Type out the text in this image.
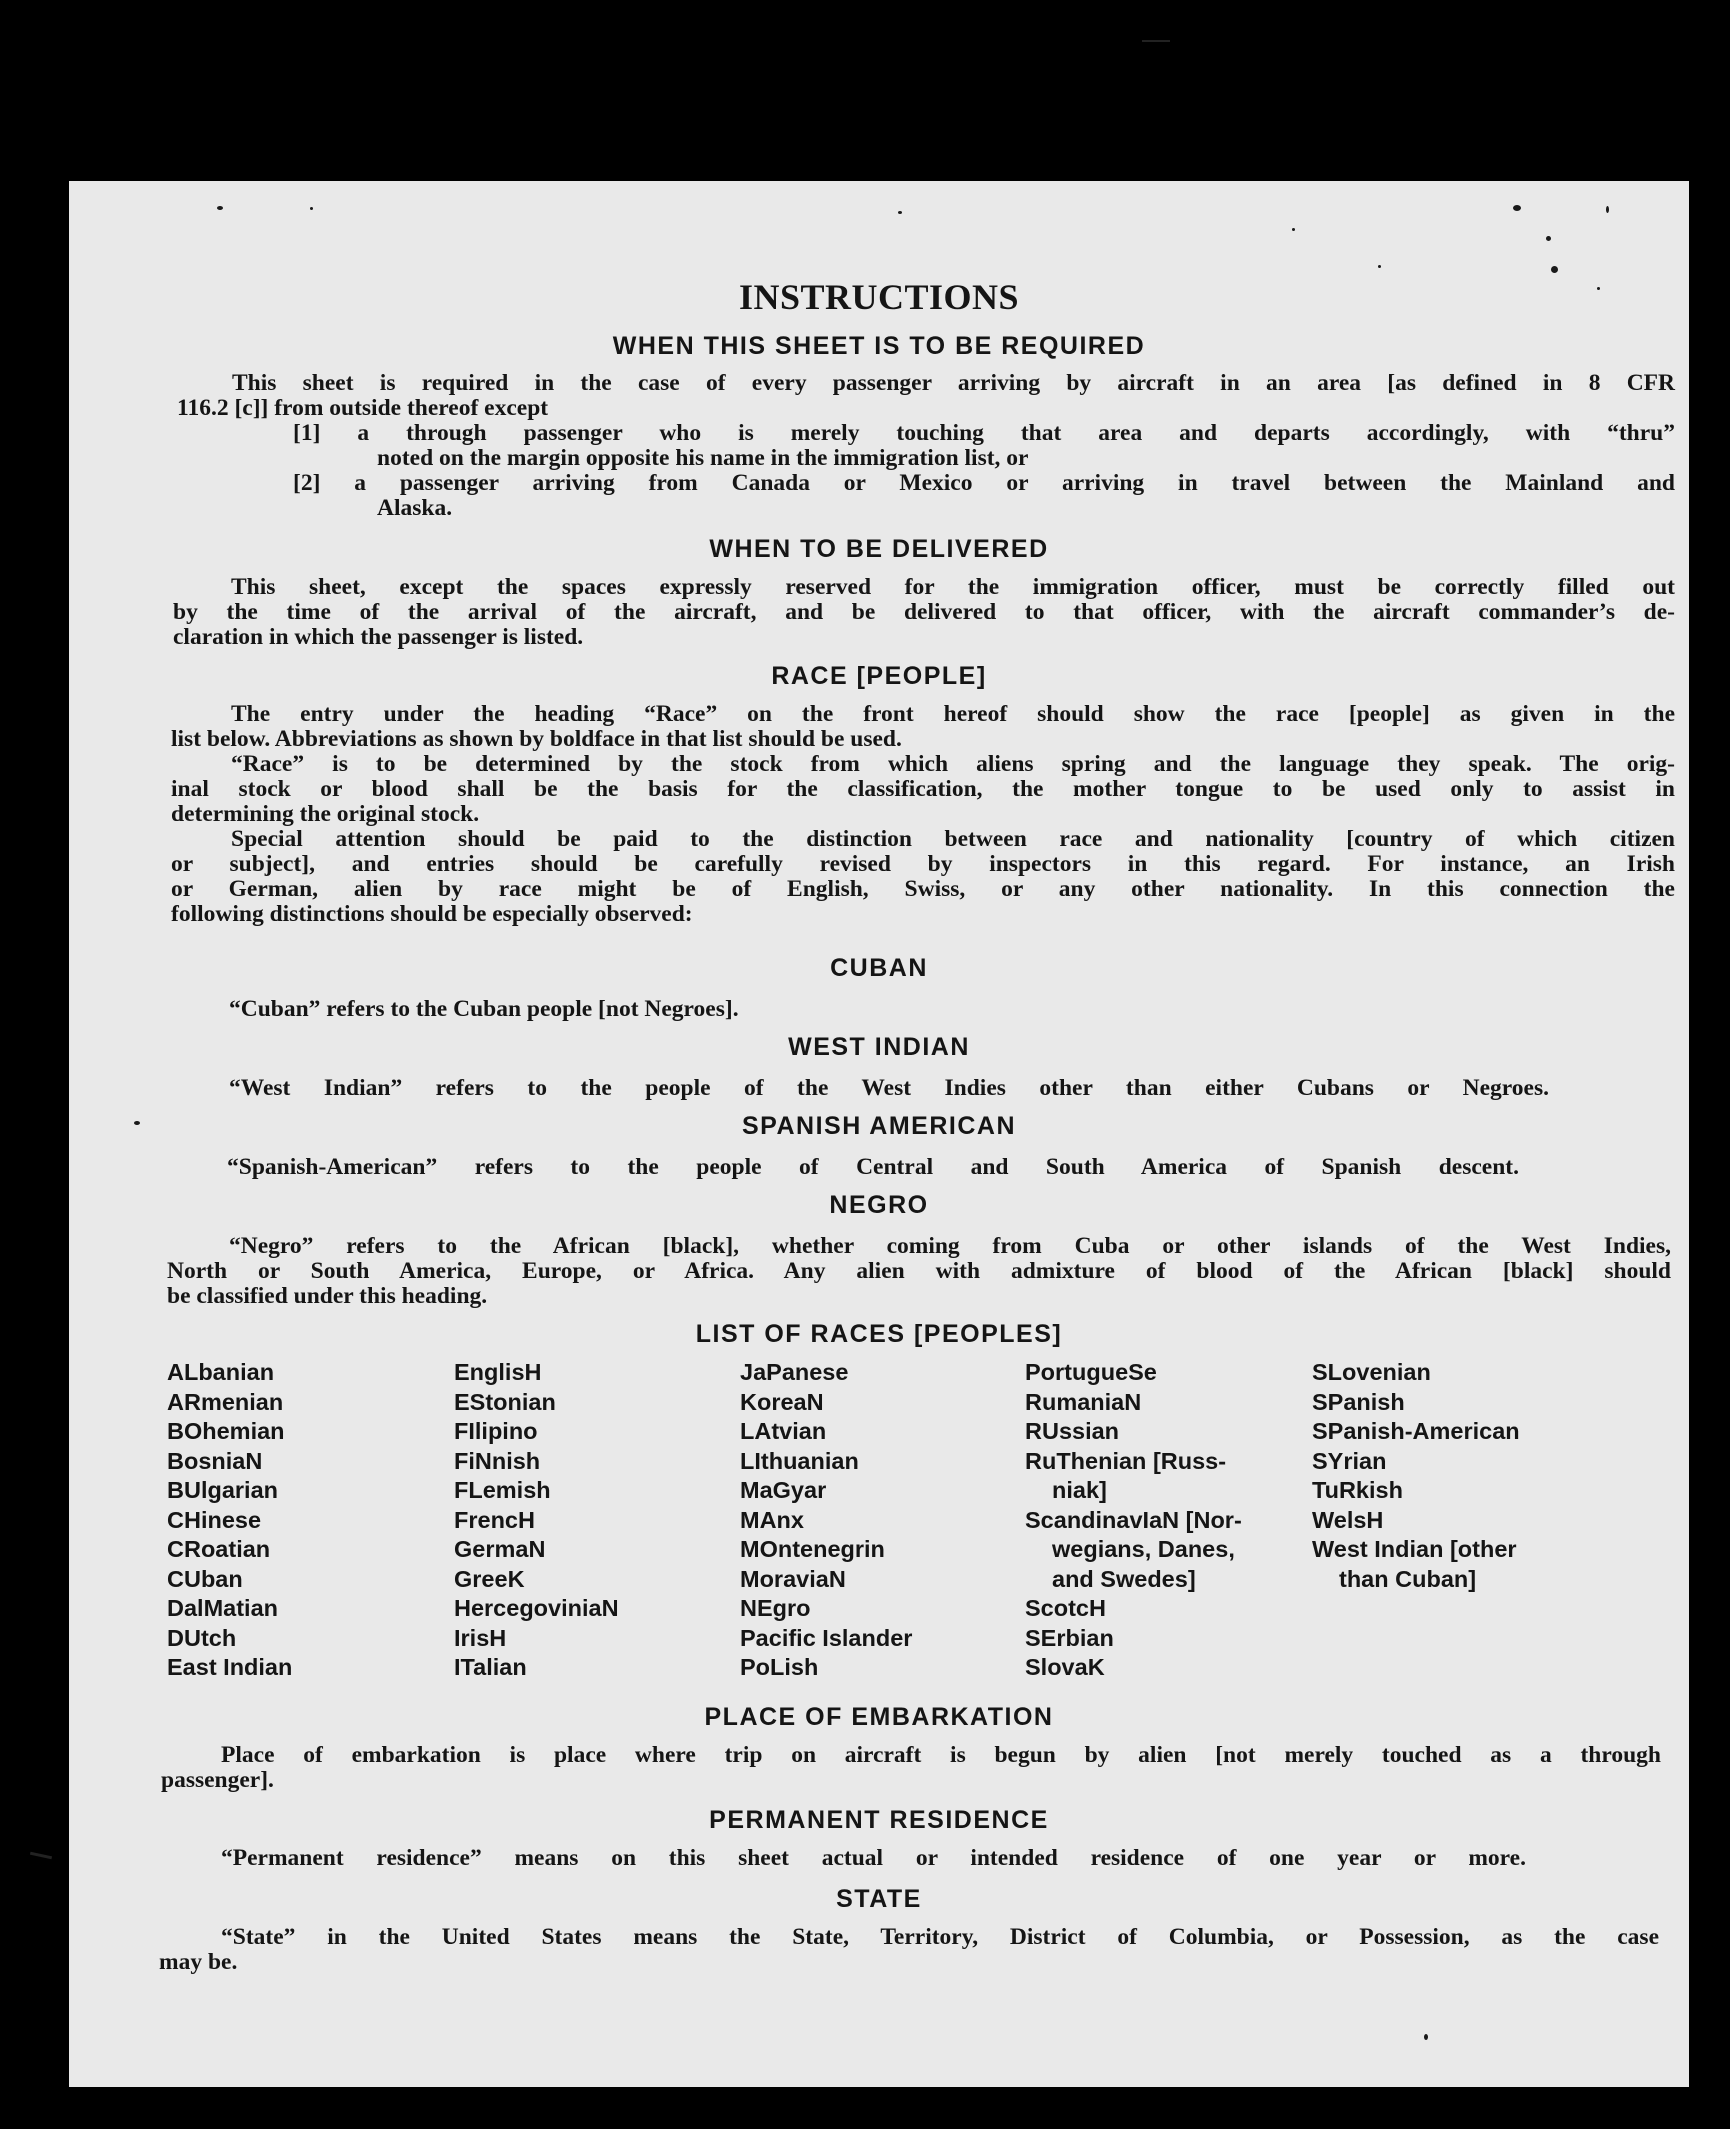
INSTRUCTIONS
WHEN THIS SHEET IS TO BE REQUIRED
This sheet is required in the case of every passenger arriving by aircraft in an area [as defined in 8 CFR
116.2 [c]] from outside thereof except
[1] a through passenger who is merely touching that area and departs accordingly, with “thru”
noted on the margin opposite his name in the immigration list, or
[2] a passenger arriving from Canada or Mexico or arriving in travel between the Mainland and
Alaska.
WHEN TO BE DELIVERED
This sheet, except the spaces expressly reserved for the immigration officer, must be correctly filled out
by the time of the arrival of the aircraft, and be delivered to that officer, with the aircraft commander’s de-
claration in which the passenger is listed.
RACE [PEOPLE]
The entry under the heading “Race” on the front hereof should show the race [people] as given in the
list below. Abbreviations as shown by boldface in that list should be used.
“Race” is to be determined by the stock from which aliens spring and the language they speak. The orig-
inal stock or blood shall be the basis for the classification, the mother tongue to be used only to assist in
determining the original stock.
Special attention should be paid to the distinction between race and nationality [country of which citizen
or subject], and entries should be carefully revised by inspectors in this regard. For instance, an Irish
or German, alien by race might be of English, Swiss, or any other nationality. In this connection the
following distinctions should be especially observed:
CUBAN
“Cuban” refers to the Cuban people [not Negroes].
WEST INDIAN
“West Indian” refers to the people of the West Indies other than either Cubans or Negroes.
SPANISH AMERICAN
“Spanish-American” refers to the people of Central and South America of Spanish descent.
NEGRO
“Negro” refers to the African [black], whether coming from Cuba or other islands of the West Indies,
North or South America, Europe, or Africa. Any alien with admixture of blood of the African [black] should
be classified under this heading.
LIST OF RACES [PEOPLES]
ALbanian
ARmenian
BOhemian
BosniaN
BUlgarian
CHinese
CRoatian
CUban
DalMatian
DUtch
East Indian
EnglisH
EStonian
FIlipino
FiNnish
FLemish
FrencH
GermaN
GreeK
HercegoviniaN
IrisH
ITalian
JaPanese
KoreaN
LAtvian
LIthuanian
MaGyar
MAnx
MOntenegrin
MoraviaN
NEgro
Pacific Islander
PoLish
PortugueSe
RumaniaN
RUssian
RuThenian [Russ-
niak]
ScandinavIaN [Nor-
wegians, Danes,
and Swedes]
ScotcH
SErbian
SlovaK
SLovenian
SPanish
SPanish-American
SYrian
TuRkish
WelsH
West Indian [other
than Cuban]
PLACE OF EMBARKATION
Place of embarkation is place where trip on aircraft is begun by alien [not merely touched as a through
passenger].
PERMANENT RESIDENCE
“Permanent residence” means on this sheet actual or intended residence of one year or more.
STATE
“State” in the United States means the State, Territory, District of Columbia, or Possession, as the case
may be.
